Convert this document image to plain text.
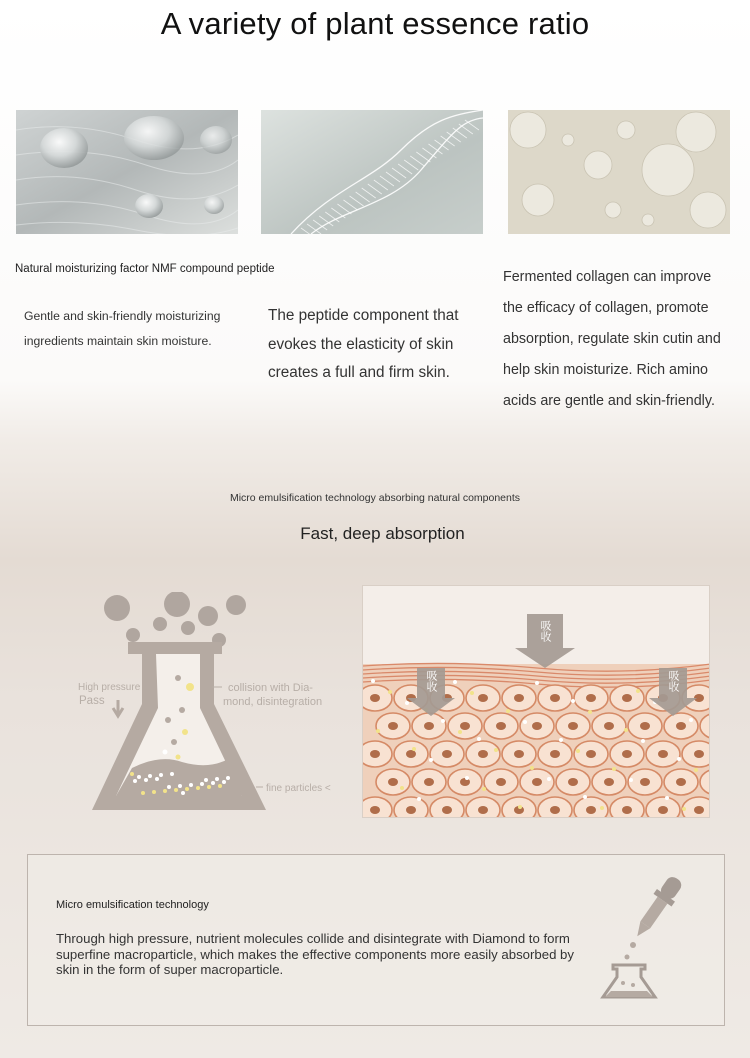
A variety of plant essence ratio
Natural moisturizing factor NMF compound peptide
Gentle and skin-friendly moisturizing ingredients maintain skin moisture.
The peptide component that evokes the elasticity of skin creates a full and firm skin.
Fermented collagen can improve the efficacy of collagen, promote absorption, regulate skin cutin and help skin moisturize. Rich amino acids are gentle and skin-friendly.
Micro emulsification technology absorbing natural components
Fast, deep absorption
High pressure
Pass
collision with Dia-
mond, disintegration
fine particles <
吸收
吸收	吸收
Micro emulsification technology
Through high pressure, nutrient molecules collide and disintegrate with Diamond to form superfine macroparticle, which makes the effective components more easily absorbed by skin in the form of super macroparticle.
